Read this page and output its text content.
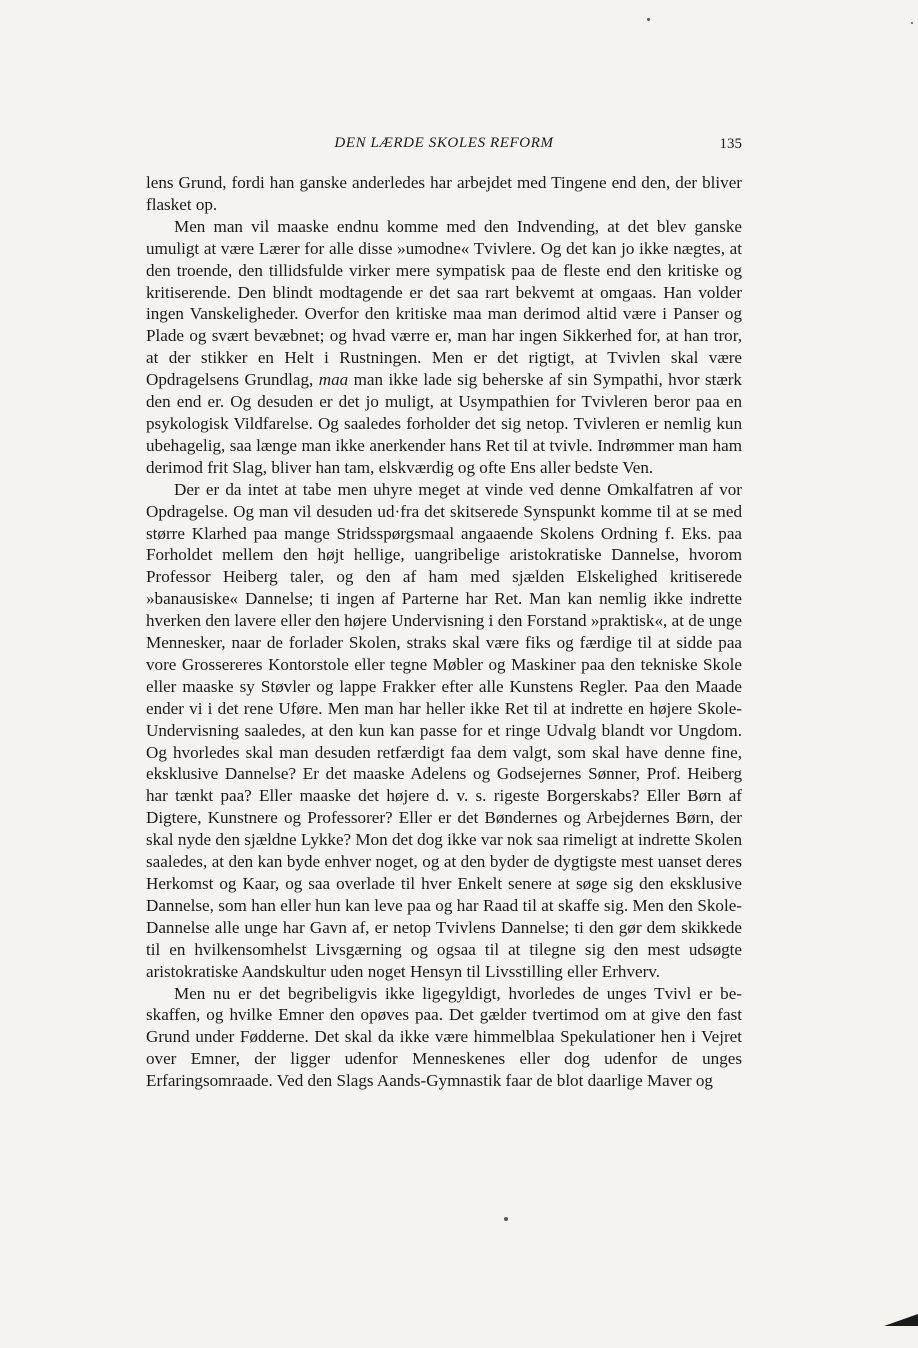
DEN LÆRDE SKOLES REFORM	135

lens Grund, fordi han ganske anderledes har arbejdet med Tingene end den, der bliver flasket op.

Men man vil maaske endnu komme med den Indvending, at det blev ganske umuligt at være Lærer for alle disse »umodne« Tvivlere. Og det kan jo ikke nægtes, at den troende, den tillidsfulde virker mere sympatisk paa de fleste end den kritiske og kritiserende. Den blindt modtagende er det saa rart bekvemt at omgaas. Han volder ingen Vanskeligheder. Overfor den kritiske maa man derimod altid være i Panser og Plade og svært bevæbnet; og hvad værre er, man har ingen Sikkerhed for, at han tror, at der stikker en Helt i Rustningen. Men er det rigtigt, at Tvivlen skal være Opdragelsens Grundlag, maa man ikke lade sig beherske af sin Sympathi, hvor stærk den end er. Og desuden er det jo muligt, at Usympathien for Tvivleren beror paa en psykologisk Vildfarelse. Og saaledes forholder det sig netop. Tvivleren er nemlig kun ubehagelig, saa længe man ikke anerkender hans Ret til at tvivle. Indrømmer man ham derimod frit Slag, bliver han tam, elskværdig og ofte Ens aller bedste Ven.

Der er da intet at tabe men uhyre meget at vinde ved denne Omkalfatren af vor Opdragelse. Og man vil desuden ud·fra det skitserede Synspunkt komme til at se med større Klarhed paa mange Stridsspørgsmaal angaaende Skolens Ordning f. Eks. paa Forholdet mellem den højt hellige, uangribelige aristokratiske Dannelse, hvorom Professor Heiberg taler, og den af ham med sjælden Elskelighed kritiserede »banausiske« Dannelse; ti ingen af Parterne har Ret. Man kan nemlig ikke indrette hverken den lavere eller den højere Undervisning i den Forstand »praktisk«, at de unge Mennesker, naar de forlader Skolen, straks skal være fiks og færdige til at sidde paa vore Grossereres Kontorstole eller tegne Møbler og Maskiner paa den tekniske Skole eller maaske sy Støvler og lappe Frakker efter alle Kunstens Regler. Paa den Maade ender vi i det rene Uføre. Men man har heller ikke Ret til at indrette en højere Skole-Undervisning saaledes, at den kun kan passe for et ringe Udvalg blandt vor Ungdom. Og hvorledes skal man desuden retfærdigt faa dem valgt, som skal have denne fine, eksklusive Dannelse? Er det maaske Adelens og Godsejernes Sønner, Prof. Heiberg har tænkt paa? Eller maaske det højere d. v. s. rigeste Borgerskabs? Eller Børn af Digtere, Kunstnere og Professorer? Eller er det Bøndernes og Arbejdernes Børn, der skal nyde den sjældne Lykke? Mon det dog ikke var nok saa rimeligt at indrette Skolen saaledes, at den kan byde enhver noget, og at den byder de dygtigste mest uanset deres Herkomst og Kaar, og saa overlade til hver Enkelt senere at søge sig den eksklusive Dannelse, som han eller hun kan leve paa og har Raad til at skaffe sig. Men den Skole-Dannelse alle unge har Gavn af, er netop Tvivlens Dannelse; ti den gør dem skikkede til en hvilkensomhelst Livsgærning og ogsaa til at tilegne sig den mest udsøgte aristokratiske Aandskultur uden noget Hensyn til Livsstilling eller Erhverv.

Men nu er det begribeligvis ikke ligegyldigt, hvorledes de unges Tvivl er beskaffen, og hvilke Emner den opøves paa. Det gælder tvertimod om at give den fast Grund under Fødderne. Det skal da ikke være himmelblaa Spekulationer hen i Vejret over Emner, der ligger udenfor Menneskenes eller dog udenfor de unges Erfaringsomraade. Ved den Slags Aands-Gymnastik faar de blot daarlige Maver og
